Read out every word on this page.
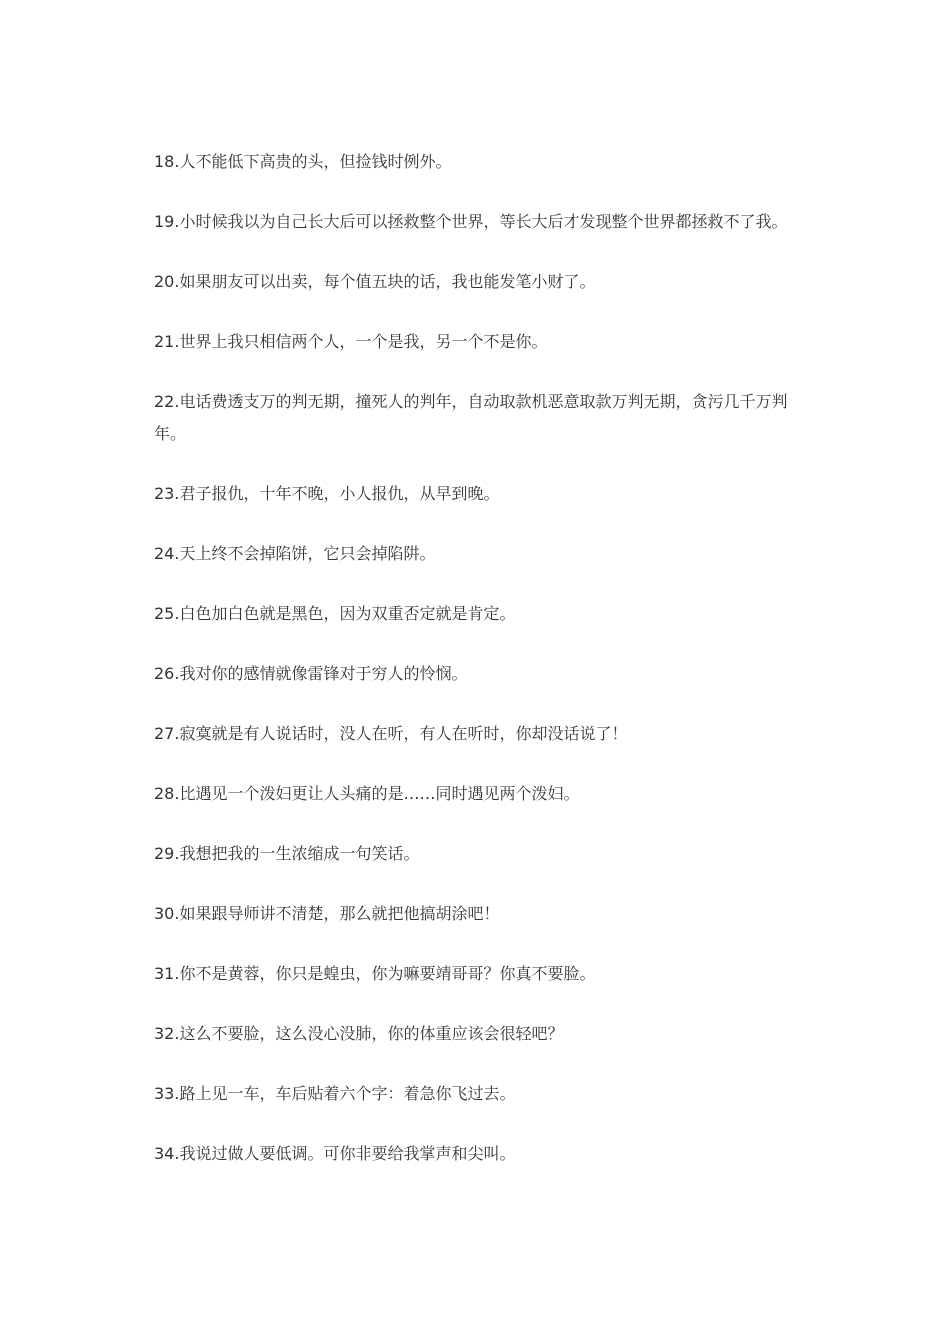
18.人不能低下高贵的头，但捡钱时例外。

19.小时候我以为自己长大后可以拯救整个世界，等长大后才发现整个世界都拯救不了我。

20.如果朋友可以出卖，每个值五块的话，我也能发笔小财了。

21.世界上我只相信两个人，一个是我，另一个不是你。

22.电话费透支万的判无期，撞死人的判年，自动取款机恶意取款万判无期，贪污几千万判年。

23.君子报仇，十年不晚，小人报仇，从早到晚。

24.天上终不会掉陷饼，它只会掉陷阱。

25.白色加白色就是黑色，因为双重否定就是肯定。

26.我对你的感情就像雷锋对于穷人的怜悯。

27.寂寞就是有人说话时，没人在听，有人在听时，你却没话说了！

28.比遇见一个泼妇更让人头痛的是……同时遇见两个泼妇。

29.我想把我的一生浓缩成一句笑话。

30.如果跟导师讲不清楚，那么就把他搞胡涂吧！

31.你不是黄蓉，你只是蝗虫，你为嘛要靖哥哥？你真不要脸。

32.这么不要脸，这么没心没肺，你的体重应该会很轻吧？

33.路上见一车，车后贴着六个字：着急你飞过去。

34.我说过做人要低调。可你非要给我掌声和尖叫。
